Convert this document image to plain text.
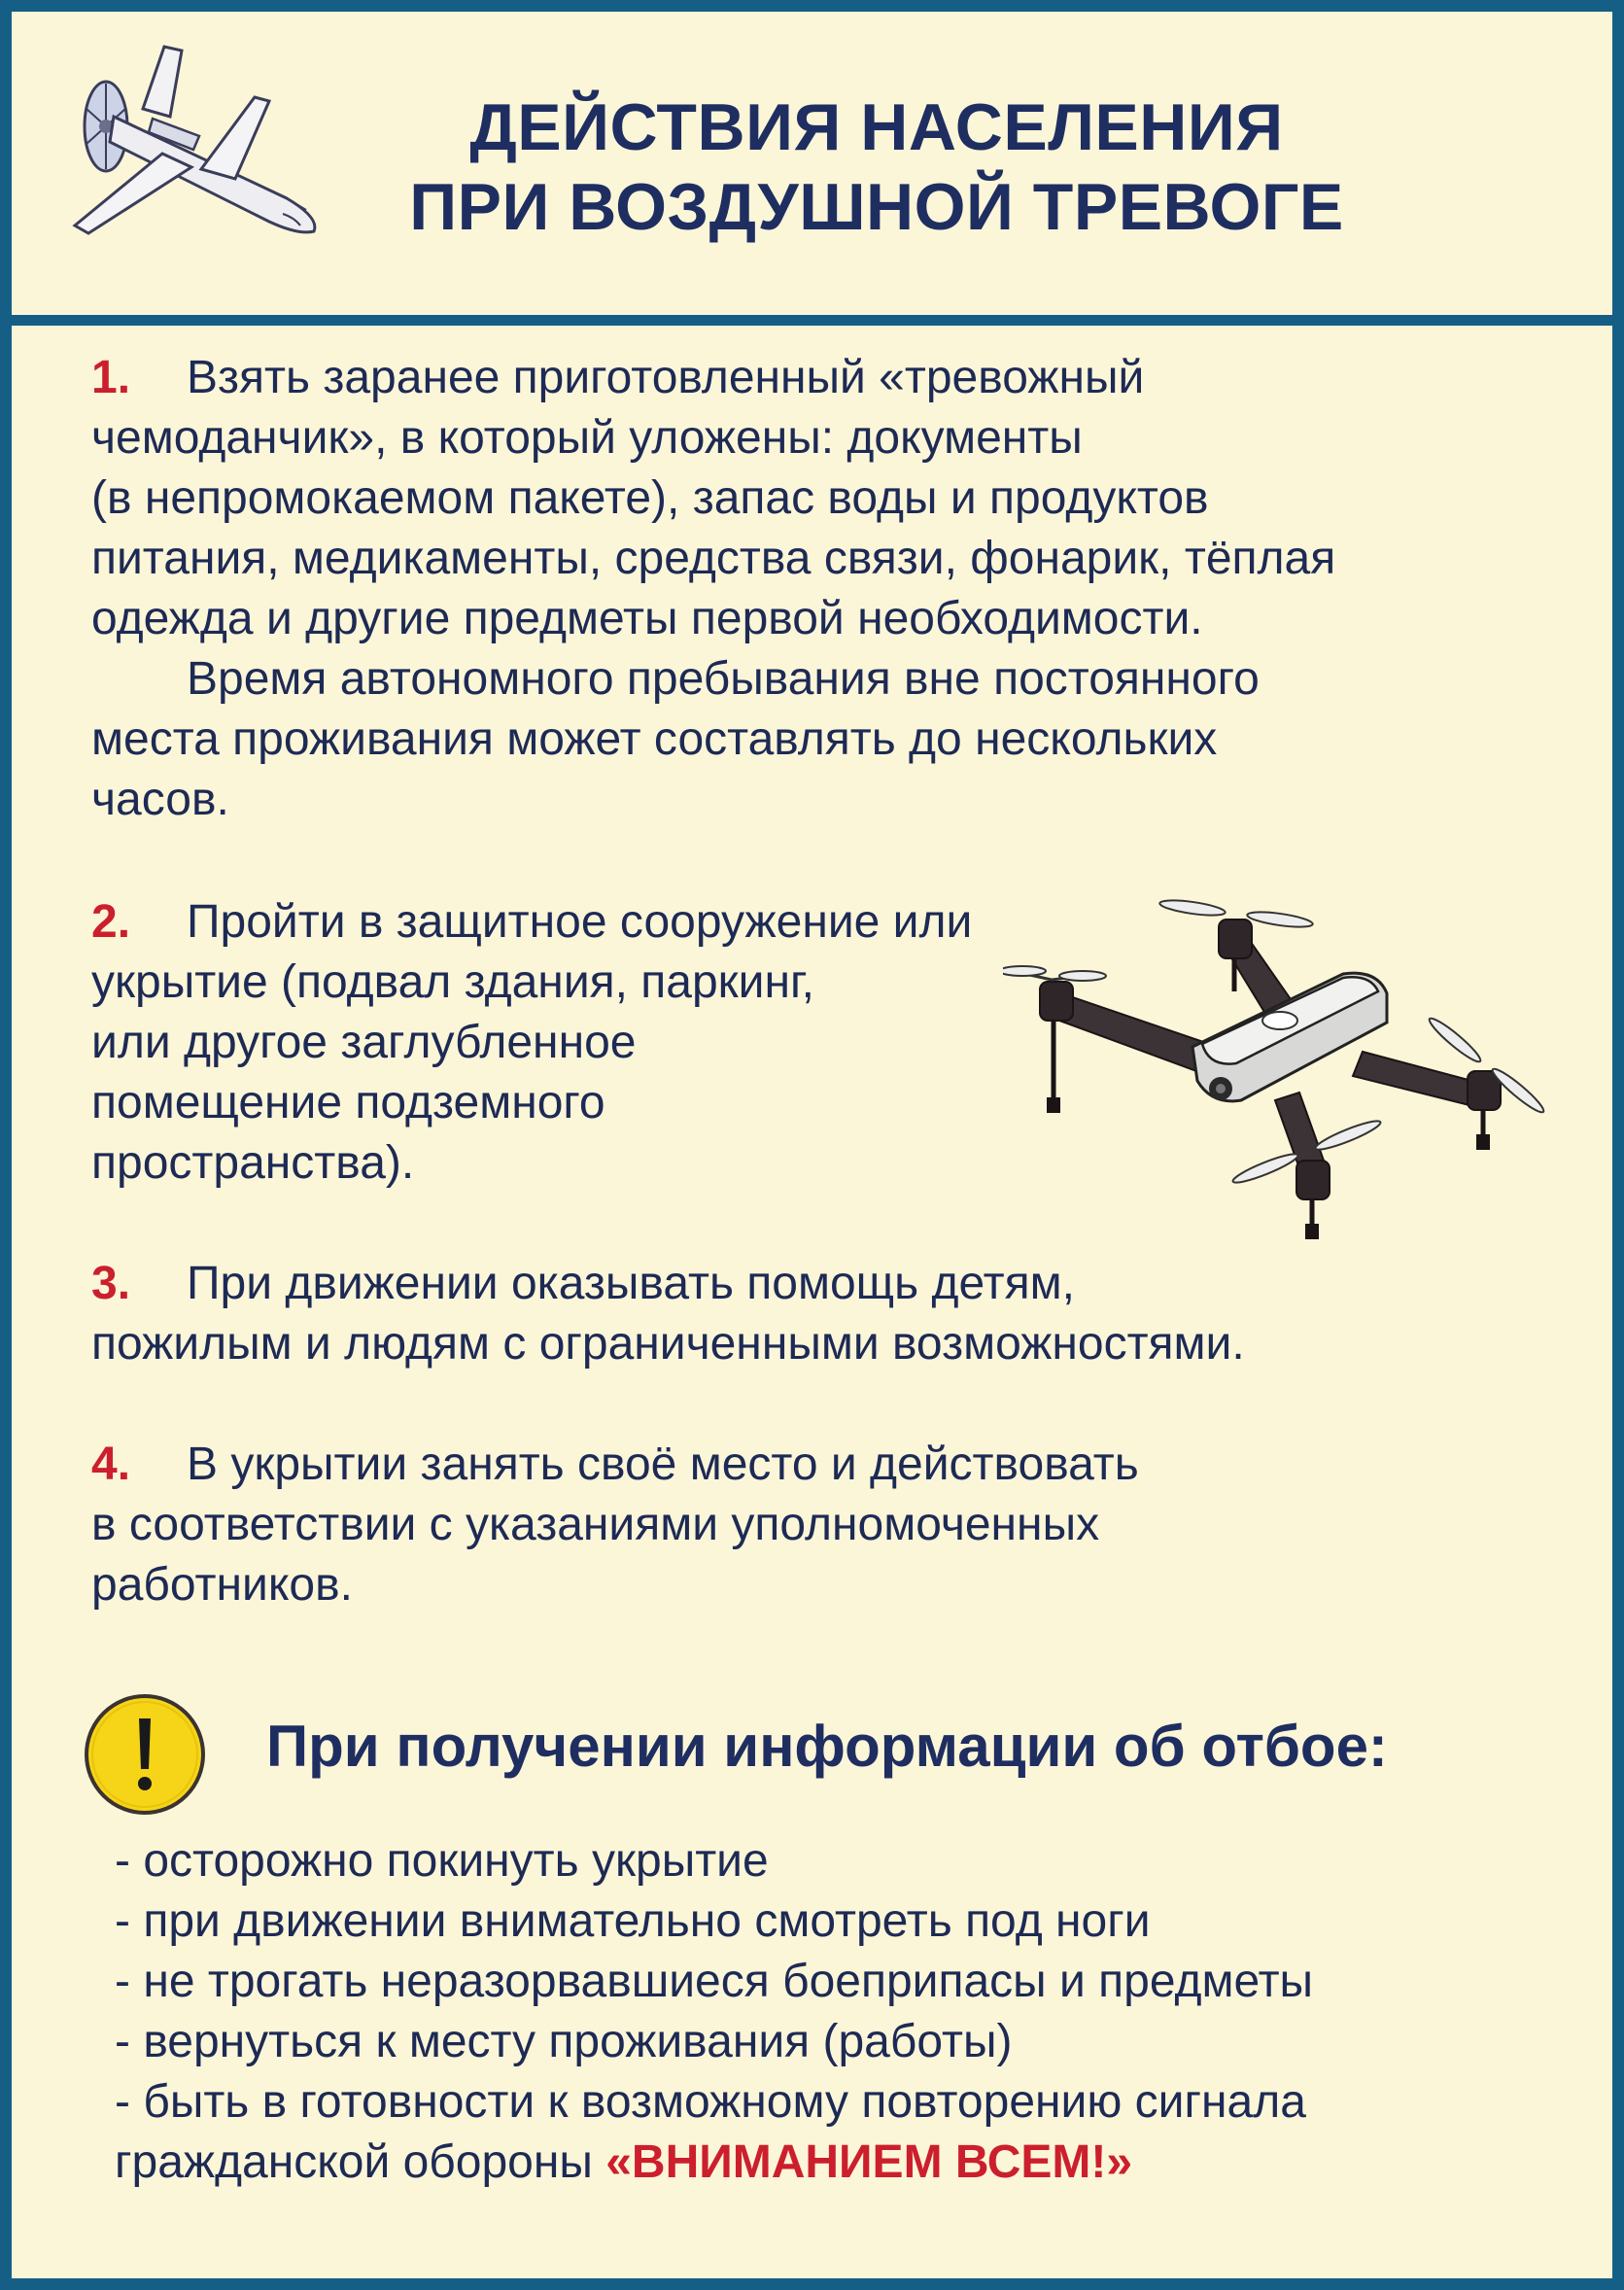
ДЕЙСТВИЯ НАСЕЛЕНИЯ
ПРИ ВОЗДУШНОЙ ТРЕВОГЕ
1. Взять заранее приготовленный «тревожный
чемоданчик», в который уложены: документы
(в непромокаемом пакете), запас воды и продуктов
питания, медикаменты, средства связи, фонарик, тёплая
одежда и другие предметы первой необходимости.
Время автономного пребывания вне постоянного
места проживания может составлять до нескольких
часов.
2. Пройти в защитное сооружение или
укрытие (подвал здания, паркинг,
или другое заглубленное
помещение подземного
пространства).
3. При движении оказывать помощь детям,
пожилым и людям с ограниченными возможностями.
4. В укрытии занять своё место и действовать
в соответствии с указаниями уполномоченных
работников.
При получении информации об отбое:
- осторожно покинуть укрытие
- при движении внимательно смотреть под ноги
- не трогать неразорвавшиеся боеприпасы и предметы
- вернуться к месту проживания (работы)
- быть в готовности к возможному повторению сигнала
гражданской обороны «ВНИМАНИЕМ ВСЕМ!»
